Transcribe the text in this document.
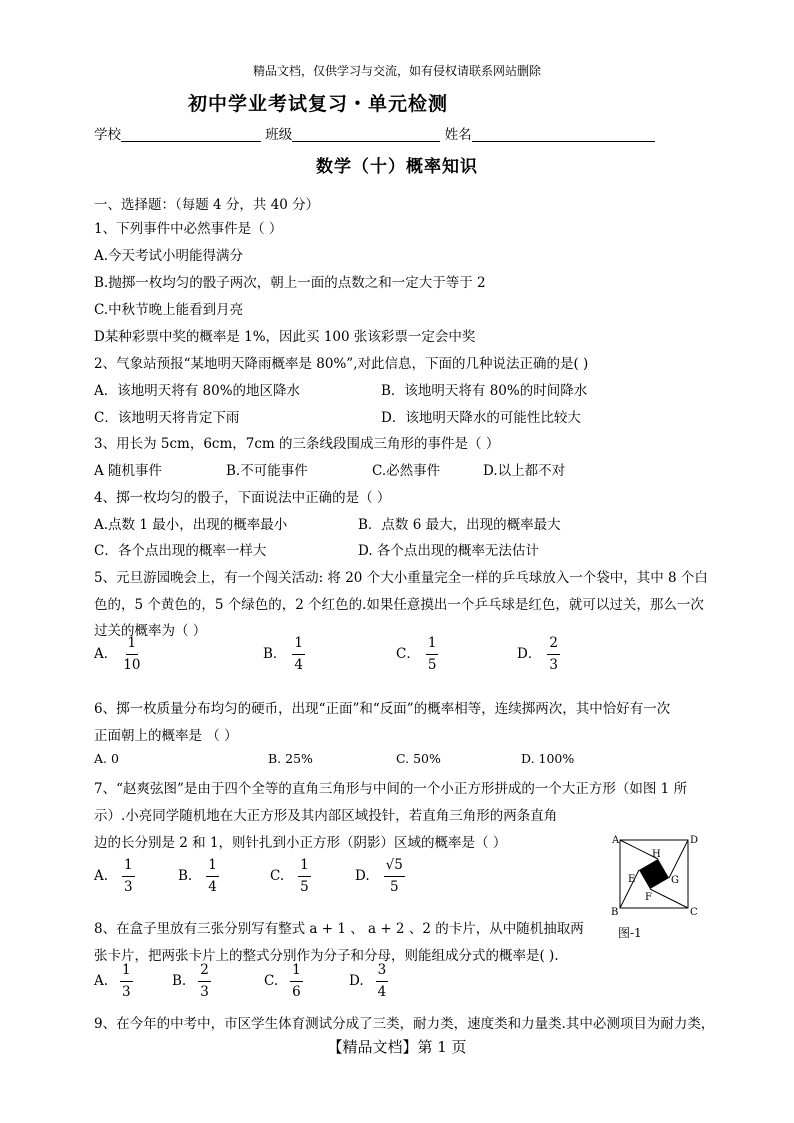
精品文档，仅供学习与交流，如有侵权请联系网站删除
初中学业考试复习・单元检测
学校	班级	姓名
数学（十）概率知识
一、选择题：（每题 4 分，共 40 分）
1、下列事件中必然事件是（ ）
A.今天考试小明能得满分
B.抛掷一枚均匀的骰子两次，朝上一面的点数之和一定大于等于 2
C.中秋节晚上能看到月亮
D某种彩票中奖的概率是 1%，因此买 100 张该彩票一定会中奖
2、气象站预报“某地明天降雨概率是 80%”,对此信息，下面的几种说法正确的是( )
A．该地明天将有 80%的地区降水	B．该地明天将有 80%的时间降水
C．该地明天将肯定下雨	D．该地明天降水的可能性比较大
3、用长为 5cm，6cm，7cm 的三条线段围成三角形的事件是（ ）
A 随机事件	B.不可能事件	C.必然事件	D.以上都不对
4、掷一枚均匀的骰子，下面说法中正确的是（ ）
A.点数 1 最小，出现的概率最小	B．点数 6 最大，出现的概率最大
C．各个点出现的概率一样大	D. 各个点出现的概率无法估计
5、元旦游园晚会上，有一个闯关活动: 将 20 个大小重量完全一样的乒乓球放入一个袋中，其中 8 个白
色的，5 个黄色的，5 个绿色的，2 个红色的.如果任意摸出一个乒乓球是红色，就可以过关，那么一次
过关的概率为（ ）
A． $\frac{1}{10}$	B． $\frac{1}{4}$	C． $\frac{1}{5}$	D． $\frac{2}{3}$
6、掷一枚质量分布均匀的硬币，出现“正面”和“反面”的概率相等，连续掷两次，其中恰好有一次
正面朝上的概率是 （ ）
A. 0	B. 25%	C. 50%	D. 100%
7、“赵爽弦图”是由于四个全等的直角三角形与中间的一个小正方形拼成的一个大正方形（如图 1 所
示）.小亮同学随机地在大正方形及其内部区域投针，若直角三角形的两条直角
边的长分别是 2 和 1，则针扎到小正方形（阴影）区域的概率是（ ）
A. $\frac{1}{3}$	B. $\frac{1}{4}$	C. $\frac{1}{5}$	D. $\frac{√5}{5}$
A	D
B	C
H
E	G
F
图-1
8、在盒子里放有三张分别写有整式 a + 1 、 a + 2 、2 的卡片，从中随机抽取两
张卡片，把两张卡片上的整式分别作为分子和分母，则能组成分式的概率是( ).
A. $\frac{1}{3}$	B. $\frac{2}{3}$	C. $\frac{1}{6}$	D. $\frac{3}{4}$
9、在今年的中考中，市区学生体育测试分成了三类，耐力类，速度类和力量类.其中必测项目为耐力类，
【精品文档】第 1 页
